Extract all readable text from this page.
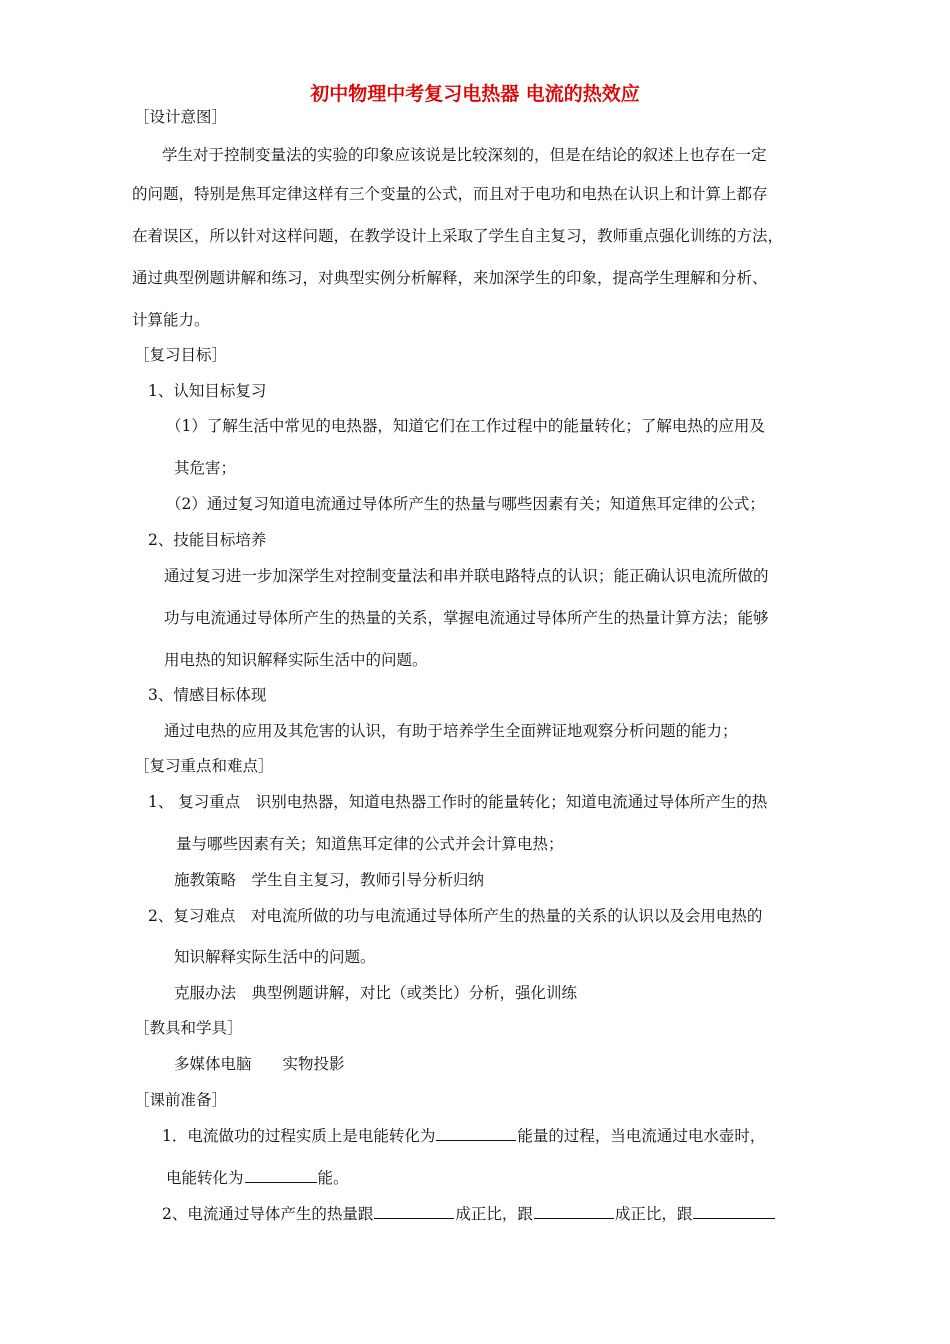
初中物理中考复习电热器 电流的热效应
［设计意图］
学生对于控制变量法的实验的印象应该说是比较深刻的，但是在结论的叙述上也存在一定
的问题，特别是焦耳定律这样有三个变量的公式，而且对于电功和电热在认识上和计算上都存
在着误区，所以针对这样问题，在教学设计上采取了学生自主复习，教师重点强化训练的方法，
通过典型例题讲解和练习，对典型实例分析解释，来加深学生的印象，提高学生理解和分析、
计算能力。
［复习目标］
1、认知目标复习
（1）了解生活中常见的电热器，知道它们在工作过程中的能量转化；了解电热的应用及
其危害；
（2）通过复习知道电流通过导体所产生的热量与哪些因素有关；知道焦耳定律的公式；
2、技能目标培养
通过复习进一步加深学生对控制变量法和串并联电路特点的认识；能正确认识电流所做的
功与电流通过导体所产生的热量的关系，掌握电流通过导体所产生的热量计算方法；能够
用电热的知识解释实际生活中的问题。
3、情感目标体现
通过电热的应用及其危害的认识，有助于培养学生全面辨证地观察分析问题的能力；
［复习重点和难点］
1、 复习重点　识别电热器，知道电热器工作时的能量转化；知道电流通过导体所产生的热
量与哪些因素有关；知道焦耳定律的公式并会计算电热；
施教策略　学生自主复习，教师引导分析归纳
2、复习难点　对电流所做的功与电流通过导体所产生的热量的关系的认识以及会用电热的
知识解释实际生活中的问题。
克服办法　典型例题讲解，对比（或类比）分析，强化训练
［教具和学具］
多媒体电脑　　实物投影
［课前准备］
1．电流做功的过程实质上是电能转化为	能量的过程，当电流通过电水壶时，
电能转化为	能。
2、电流通过导体产生的热量跟	成正比，跟	成正比，跟
